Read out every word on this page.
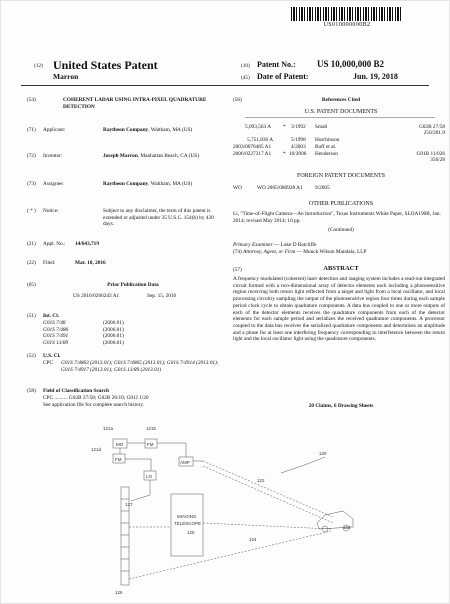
US010000000B2
(12) United States Patent
Marron
(10) Patent No.: US 10,000,000 B2
(45) Date of Patent:	Jun. 19, 2018
(54)	COHERENT LADAR USING INTRA-PIXEL QUADRATURE DETECTION
(71) Applicant:	Raytheon Company, Waltham, MA (US)
(72) Inventor:	Joseph Marron, Manhattan Beach, CA (US)
(73) Assignee:	Raytheon Company, Waltham, MA (US)
( * ) Notice:	Subject to any disclaimer, the term of this patent is extended or adjusted under 35 U.S.C. 154(b) by 430 days.
(21) Appl. No.: 14/643,719
(22) Filed:	Mar. 10, 2016
(65)	Prior Publication Data
US 2016/0266243 A1	Sep. 15, 2016
(51) Int. Cl.
G01S 7/48	(2006.01)
G01S 7/486	(2006.01)
G01S 7/491	(2006.01)
G01S 13/89	(2006.01)
(52) U.S. Cl.
CPC G01S 7/4863 (2013.01); G01S 7/4865 (2013.01); G01S 7/4914 (2013.01); G01S 7/4917 (2013.01); G01S 13/89 (2013.01)
(58) Field of Classification Search
CPC .......... G02B 27/58; G02B 26/10; G01J 1/20
See application file for complete search history.
(56)	References Cited
U.S. PATENT DOCUMENTS
5,093,563 A * 3/1992 Small	G02B 27/58
250/201.9
5,751,830 A	5/1998 Hutchinson
2003/0076485 A1	4/2003 Ruff et al.
2006/0227317 A1 * 10/2006 Henderson	G01B 11/026
356/28
FOREIGN PATENT DOCUMENTS
WO	WO 2005/080928 A1 9/2005
OTHER PUBLICATIONS
Li, "Time-of-Flight Camera—An Introduction", Texas Instruments White Paper, SLOA190B, Jan. 2014; revised May 2014; 10 pp.
(Continued)
Primary Examiner — Luke D Ratcliffe
(74) Attorney, Agent, or Firm — Munck Wilson Mandala, LLP
(57)	ABSTRACT
A frequency modulated (coherent) laser detection and ranging system includes a read-out integrated circuit formed with a two-dimensional array of detector elements each including a photosensitive region receiving both return light reflected from a target and light from a local oscillator, and local processing circuitry sampling the output of the photosensitive region four times during each sample period clock cycle to obtain quadrature components. A data bus coupled to one or more outputs of each of the detector elements receives the quadrature components from each of the detector elements for each sample period and serializes the received quadrature components. A processor coupled to the data bus receives the serialized quadrature components and determines an amplitude and a phase for at least one interfering frequency corresponding to interference between the return light and the local oscillator light using the quadrature components.
20 Claims, 6 Drawing Sheets
121a	121b
121d
120
122
123
124
125
126
127
MO	FM
FM
LO
AMP
IMAGING
TELESCOPE
